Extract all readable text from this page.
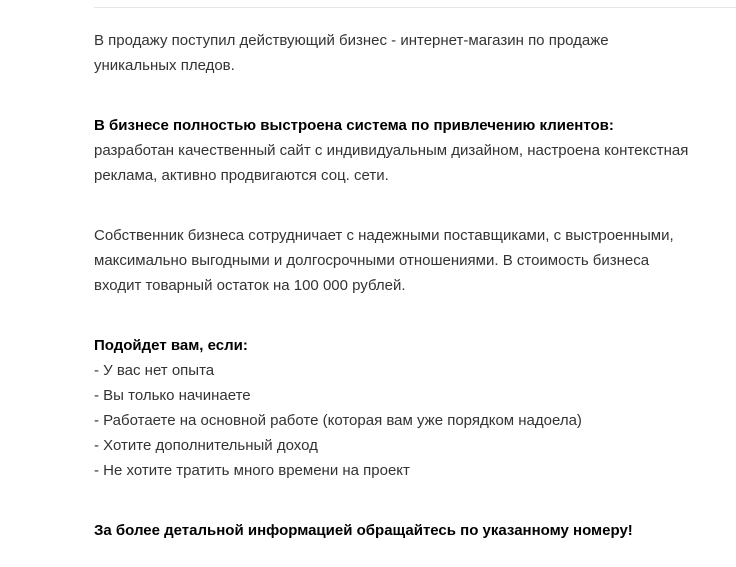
В продажу поступил действующий бизнес - интернет-магазин по продаже
уникальных пледов.

В бизнесе полностью выстроена система по привлечению клиентов:
разработан качественный сайт с индивидуальным дизайном, настроена контекстная
реклама, активно продвигаются соц. сети.

Собственник бизнеса сотрудничает с надежными поставщиками, с выстроенными,
максимально выгодными и долгосрочными отношениями. В стоимость бизнеса
входит товарный остаток на 100 000 рублей.

Подойдет вам, если:
- У вас нет опыта
- Вы только начинаете
- Работаете на основной работе (которая вам уже порядком надоела)
- Хотите дополнительный доход
- Не хотите тратить много времени на проект
За более детальной информацией обращайтесь по указанному номеру!
